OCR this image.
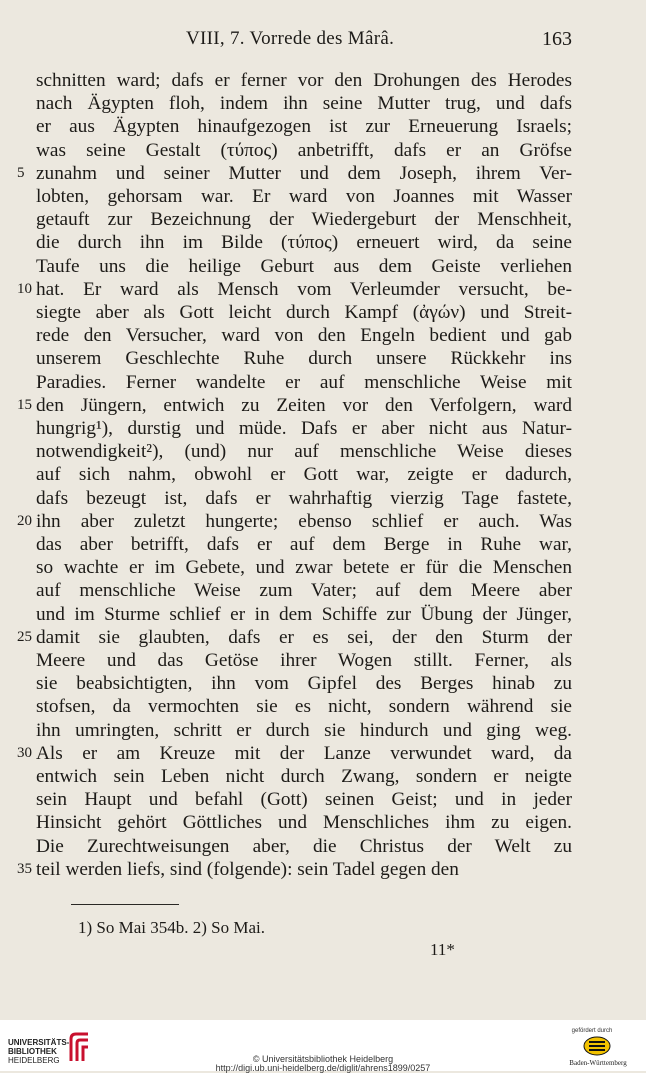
VIII, 7. Vorrede des Mârâ.	163
schnitten ward; dafs er ferner vor den Drohungen des Herodes
nach Ägypten floh, indem ihn seine Mutter trug, und dafs
er aus Ägypten hinaufgezogen ist zur Erneuerung Israels;
was seine Gestalt (τύπος) anbetrifft, dafs er an Gröfse
zunahm und seiner Mutter und dem Joseph, ihrem Ver-
5
lobten, gehorsam war. Er ward von Joannes mit Wasser
getauft zur Bezeichnung der Wiedergeburt der Menschheit,
die durch ihn im Bilde (τύπος) erneuert wird, da seine
Taufe uns die heilige Geburt aus dem Geiste verliehen
hat. Er ward als Mensch vom Verleumder versucht, be-
10
siegte aber als Gott leicht durch Kampf (ἀγών) und Streit-
rede den Versucher, ward von den Engeln bedient und gab
unserem Geschlechte Ruhe durch unsere Rückkehr ins
Paradies. Ferner wandelte er auf menschliche Weise mit
den Jüngern, entwich zu Zeiten vor den Verfolgern, ward
15
hungrig¹), durstig und müde. Dafs er aber nicht aus Natur-
notwendigkeit²), (und) nur auf menschliche Weise dieses
auf sich nahm, obwohl er Gott war, zeigte er dadurch,
dafs bezeugt ist, dafs er wahrhaftig vierzig Tage fastete,
ihn aber zuletzt hungerte; ebenso schlief er auch. Was
20
das aber betrifft, dafs er auf dem Berge in Ruhe war,
so wachte er im Gebete, und zwar betete er für die Menschen
auf menschliche Weise zum Vater; auf dem Meere aber
und im Sturme schlief er in dem Schiffe zur Übung der Jünger,
damit sie glaubten, dafs er es sei, der den Sturm der
25
Meere und das Getöse ihrer Wogen stillt. Ferner, als
sie beabsichtigten, ihn vom Gipfel des Berges hinab zu
stofsen, da vermochten sie es nicht, sondern während sie
ihn umringten, schritt er durch sie hindurch und ging weg.
Als er am Kreuze mit der Lanze verwundet ward, da
30
entwich sein Leben nicht durch Zwang, sondern er neigte
sein Haupt und befahl (Gott) seinen Geist; und in jeder
Hinsicht gehört Göttliches und Menschliches ihm zu eigen.
Die Zurechtweisungen aber, die Christus der Welt zu
teil werden liefs, sind (folgende): sein Tadel gegen den
35
1) So Mai 354b. 2) So Mai.
11*
UNIVERSITÄTS-
BIBLIOTHEK
HEIDELBERG	© Universitätsbibliothek Heidelberg
http://digi.ub.uni-heidelberg.de/diglit/ahrens1899/0257
gefördert durch
Baden-Württemberg
